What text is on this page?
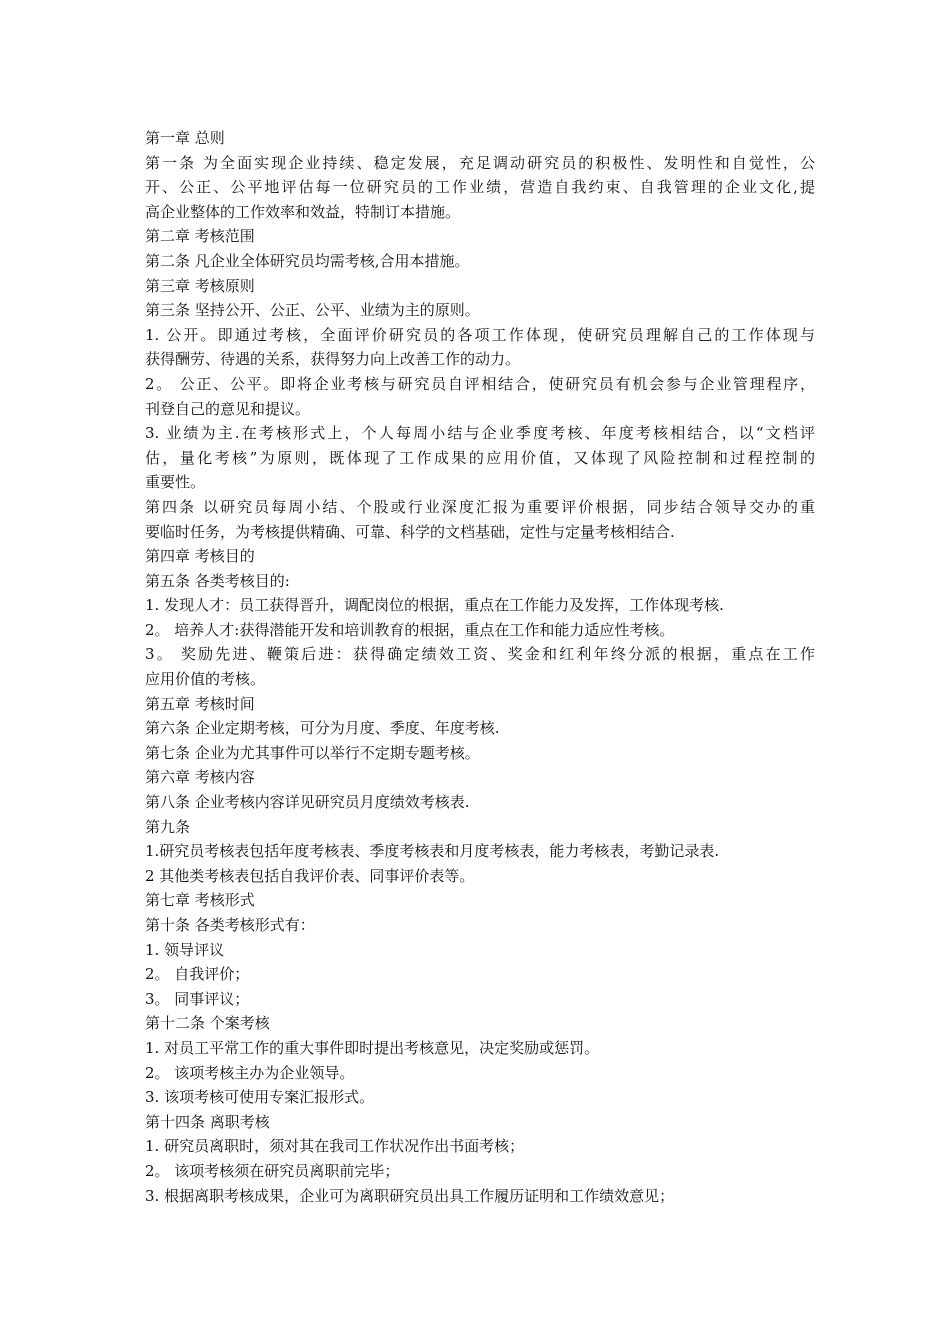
第一章 总则
第一条 为全面实现企业持续、稳定发展，充足调动研究员的积极性、发明性和自觉性，公
开、公正、公平地评估每一位研究员的工作业绩，营造自我约束、自我管理的企业文化,提
高企业整体的工作效率和效益，特制订本措施。
第二章 考核范围
第二条 凡企业全体研究员均需考核,合用本措施。
第三章 考核原则
第三条 坚持公开、公正、公平、业绩为主的原则。
1. 公开。即通过考核，全面评价研究员的各项工作体现，使研究员理解自己的工作体现与
获得酬劳、待遇的关系，获得努力向上改善工作的动力。
2。 公正、公平。即将企业考核与研究员自评相结合，使研究员有机会参与企业管理程序，
刊登自己的意见和提议。
3. 业绩为主.在考核形式上，个人每周小结与企业季度考核、年度考核相结合，以“文档评
估，量化考核”为原则，既体现了工作成果的应用价值，又体现了风险控制和过程控制的
重要性。
第四条 以研究员每周小结、个股或行业深度汇报为重要评价根据，同步结合领导交办的重
要临时任务，为考核提供精确、可靠、科学的文档基础，定性与定量考核相结合.
第四章 考核目的
第五条 各类考核目的:
1. 发现人才：员工获得晋升，调配岗位的根据，重点在工作能力及发挥，工作体现考核.
2。 培养人才:获得潜能开发和培训教育的根据，重点在工作和能力适应性考核。
3。 奖励先进、鞭策后进：获得确定绩效工资、奖金和红利年终分派的根据，重点在工作
应用价值的考核。
第五章 考核时间
第六条 企业定期考核，可分为月度、季度、年度考核.
第七条 企业为尤其事件可以举行不定期专题考核。
第六章 考核内容
第八条 企业考核内容详见研究员月度绩效考核表.
第九条
1.研究员考核表包括年度考核表、季度考核表和月度考核表，能力考核表，考勤记录表.
2 其他类考核表包括自我评价表、同事评价表等。
第七章 考核形式
第十条 各类考核形式有：
1. 领导评议
2。 自我评价；
3。 同事评议；
第十二条 个案考核
1. 对员工平常工作的重大事件即时提出考核意见，决定奖励或惩罚。
2。 该项考核主办为企业领导。
3. 该项考核可使用专案汇报形式。
第十四条 离职考核
1. 研究员离职时，须对其在我司工作状况作出书面考核；
2。 该项考核须在研究员离职前完毕；
3. 根据离职考核成果，企业可为离职研究员出具工作履历证明和工作绩效意见；
